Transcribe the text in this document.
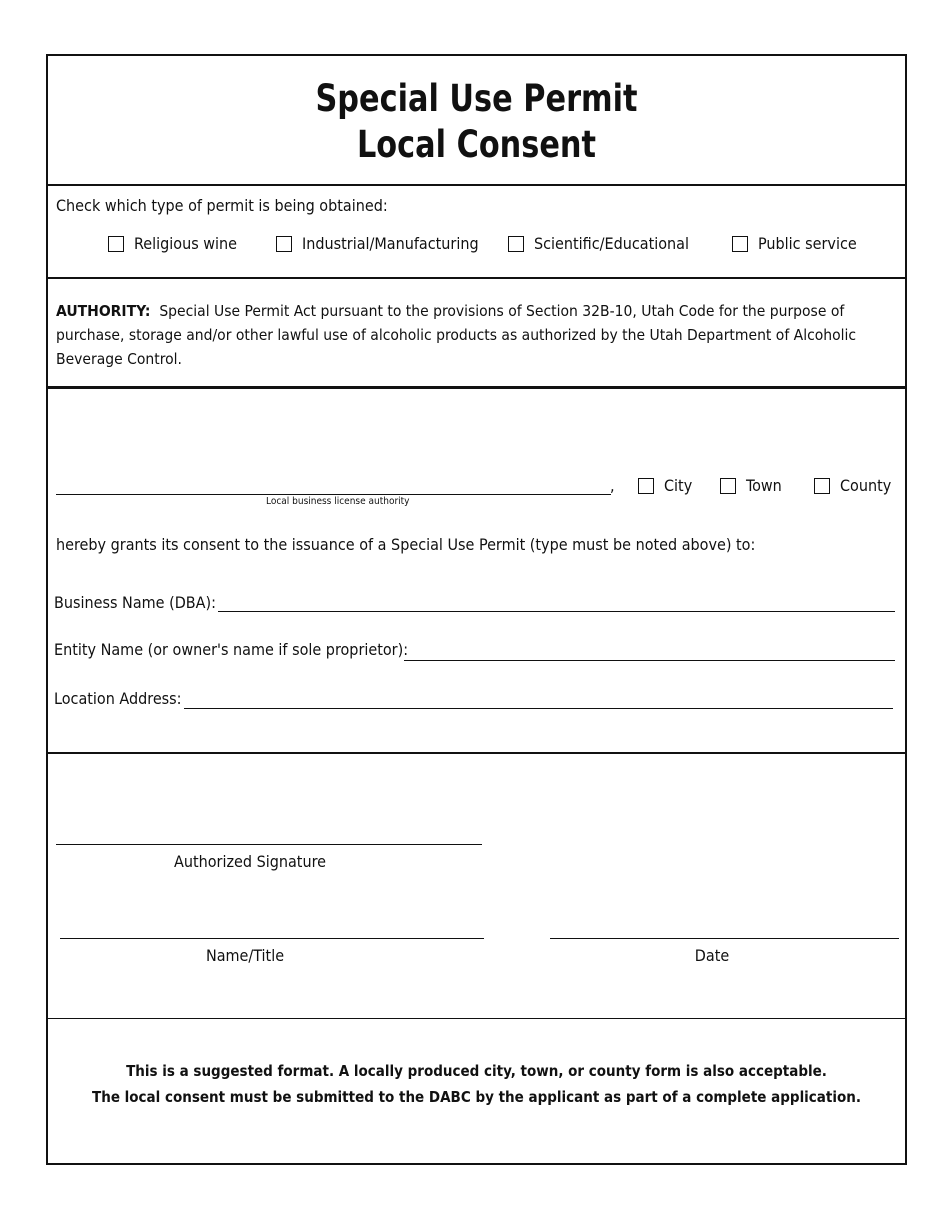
Special Use Permit
Local Consent
Check which type of permit is being obtained:
Religious wine	Industrial/Manufacturing	Scientific/Educational	Public service
AUTHORITY: Special Use Permit Act pursuant to the provisions of Section 32B-10, Utah Code for the purpose of purchase, storage and/or other lawful use of alcoholic products as authorized by the Utah Department of Alcoholic Beverage Control.
,
Local business license authority
City	Town	County
hereby grants its consent to the issuance of a Special Use Permit (type must be noted above) to:
Business Name (DBA):
Entity Name (or owner's name if sole proprietor):
Location Address:
Authorized Signature
Name/Title	Date
This is a suggested format. A locally produced city, town, or county form is also acceptable.
The local consent must be submitted to the DABC by the applicant as part of a complete application.
